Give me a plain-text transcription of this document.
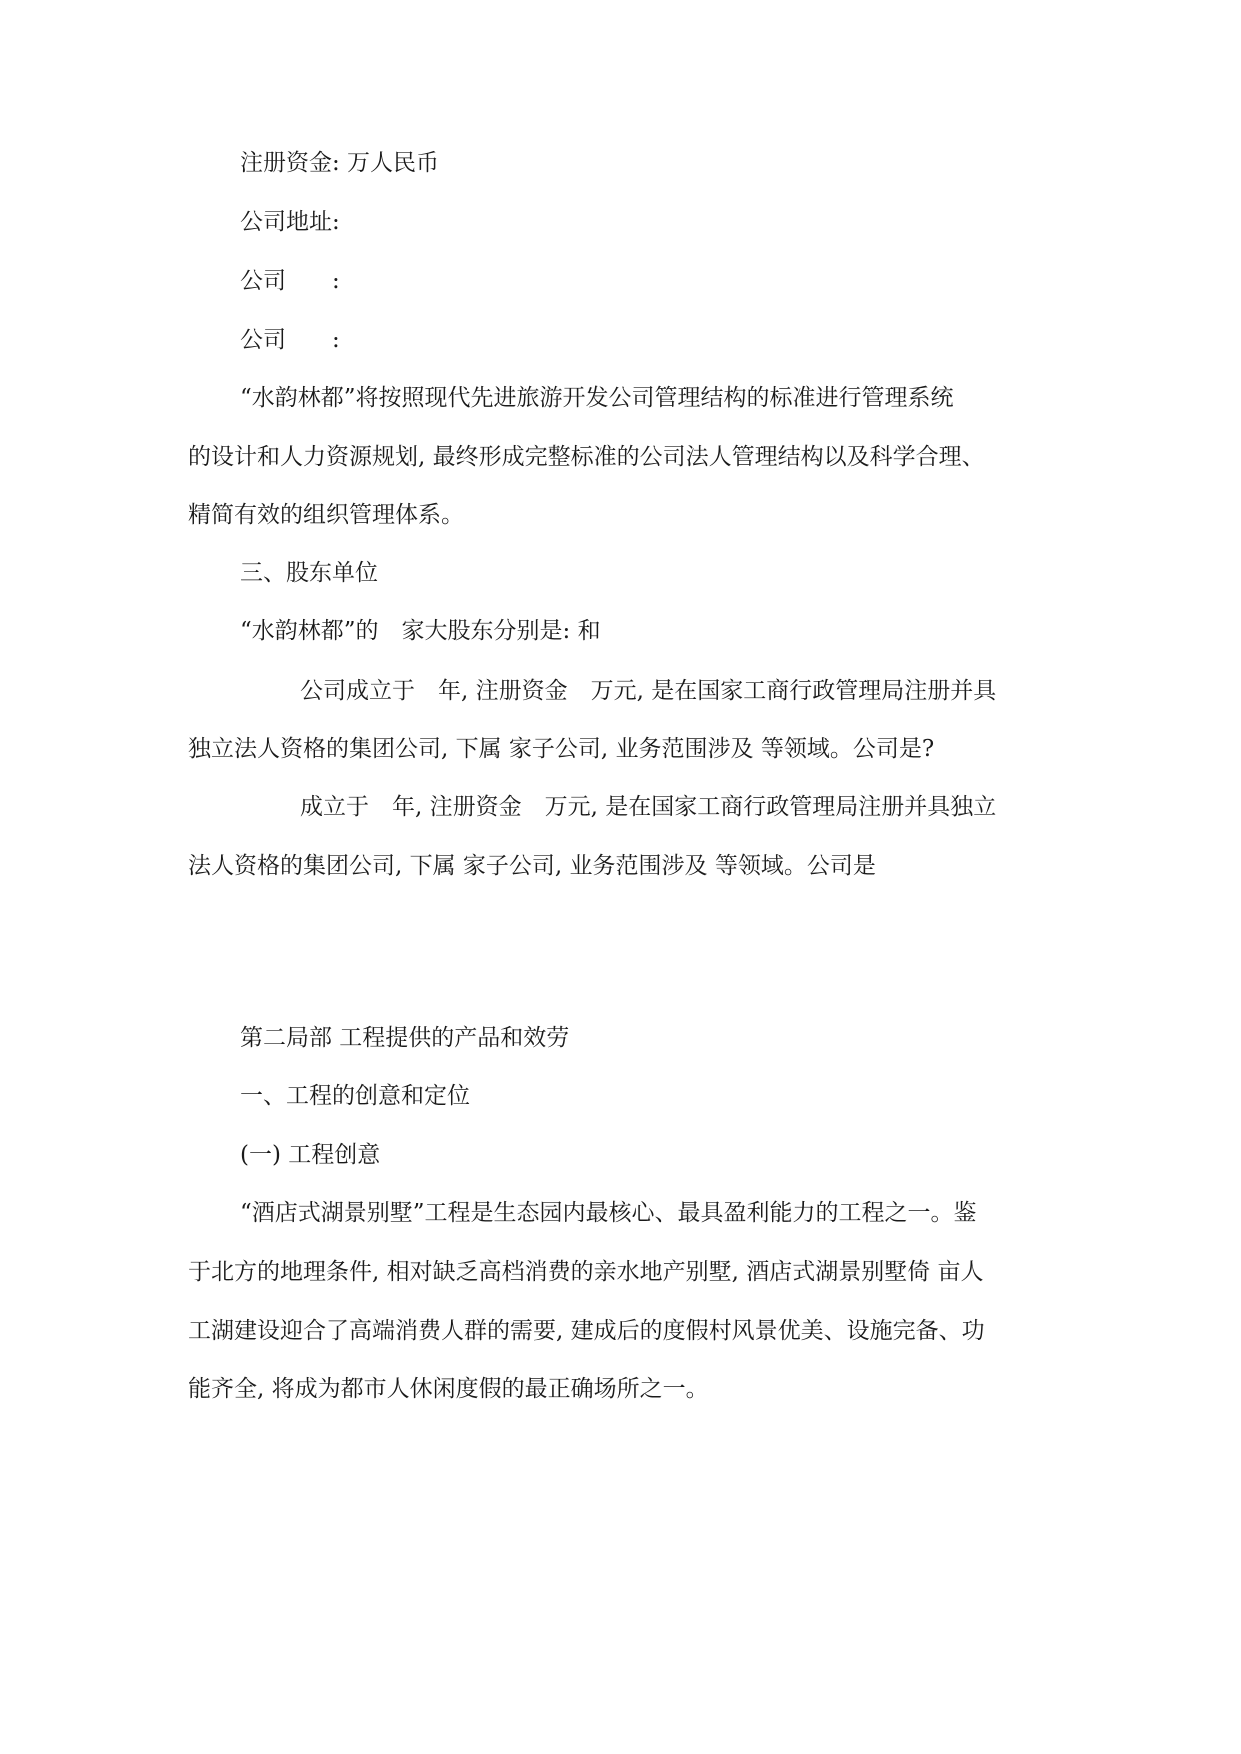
注册资金: 万人民币
公司地址:
公司　　:
公司　　:
“水韵林都”将按照现代先进旅游开发公司管理结构的标准进行管理系统
的设计和人力资源规划, 最终形成完整标准的公司法人管理结构以及科学合理、
精简有效的组织管理体系。
三、股东单位
“水韵林都”的　家大股东分别是: 和
公司成立于　年, 注册资金　万元, 是在国家工商行政管理局注册并具
独立法人资格的集团公司, 下属 家子公司, 业务范围涉及 等领域。公司是?
成立于　年, 注册资金　万元, 是在国家工商行政管理局注册并具独立
法人资格的集团公司, 下属 家子公司, 业务范围涉及 等领域。公司是
第二局部 工程提供的产品和效劳
一、工程的创意和定位
(一) 工程创意
“酒店式湖景别墅”工程是生态园内最核心、最具盈利能力的工程之一。鉴
于北方的地理条件, 相对缺乏高档消费的亲水地产别墅, 酒店式湖景别墅倚 亩人
工湖建设迎合了高端消费人群的需要, 建成后的度假村风景优美、设施完备、功
能齐全, 将成为都市人休闲度假的最正确场所之一。
